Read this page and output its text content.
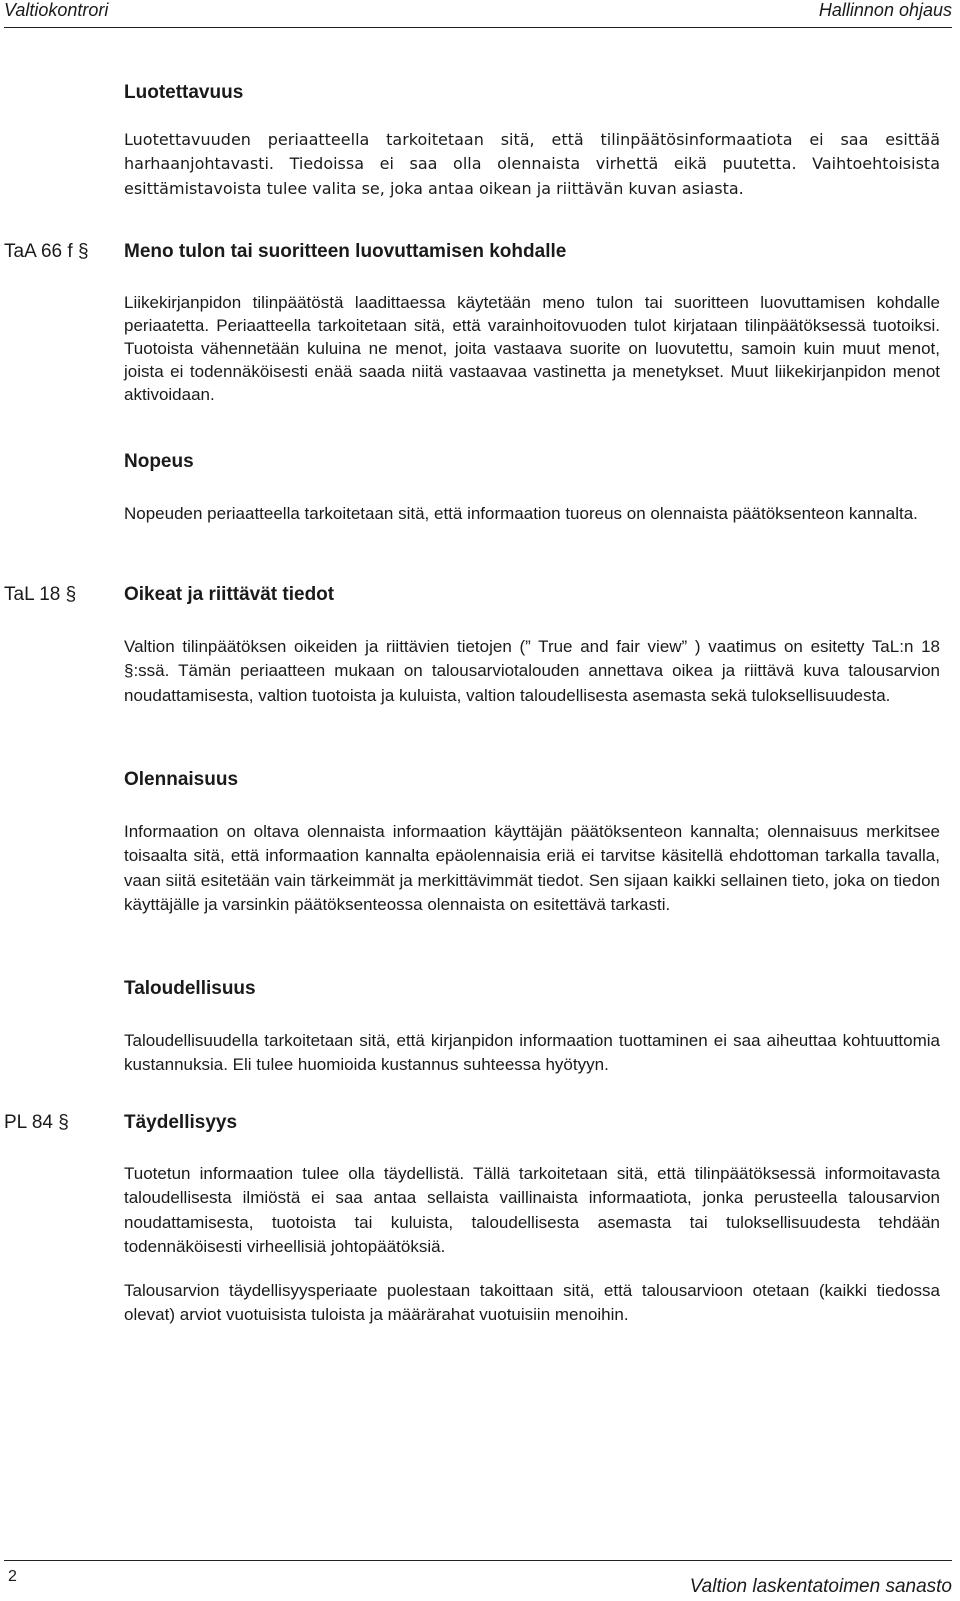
Valtiokontrori	Hallinnon ohjaus
Luotettavuus
Luotettavuuden periaatteella tarkoitetaan sitä, että tilinpäätösinformaatiota ei saa esittää harhaanjohtavasti. Tiedoissa ei saa olla olennaista virhettä eikä puutetta. Vaihtoehtoisista esittämistavoista tulee valita se, joka antaa oikean ja riittävän kuvan asiasta.
TaA 66 f § Meno tulon tai suoritteen luovuttamisen kohdalle
Liikekirjanpidon tilinpäätöstä laadittaessa käytetään meno tulon tai suoritteen luovuttamisen kohdalle periaatetta. Periaatteella tarkoitetaan sitä, että varainhoitovuoden tulot kirjataan tilinpäätöksessä tuotoiksi. Tuotoista vähennetään kuluina ne menot, joita vastaava suorite on luovutettu, samoin kuin muut menot, joista ei todennäköisesti enää saada niitä vastaavaa vastinetta ja menetykset. Muut liikekirjanpidon menot aktivoidaan.
Nopeus
Nopeuden periaatteella tarkoitetaan sitä, että informaation tuoreus on olennaista päätöksenteon kannalta.
TaL 18 §	Oikeat ja riittävät tiedot
Valtion tilinpäätöksen oikeiden ja riittävien tietojen (” True and fair view” ) vaatimus on esitetty TaL:n 18 §:ssä. Tämän periaatteen mukaan on talousarviotalouden annettava oikea ja riittävä kuva talousarvion noudattamisesta, valtion tuotoista ja kuluista, valtion taloudellisesta asemasta sekä tuloksellisuudesta.
Olennaisuus
Informaation on oltava olennaista informaation käyttäjän päätöksenteon kannalta; olennaisuus merkitsee toisaalta sitä, että informaation kannalta epäolennaisia eriä ei tarvitse käsitellä ehdottoman tarkalla tavalla, vaan siitä esitetään vain tärkeimmät ja merkittävimmät tiedot. Sen sijaan kaikki sellainen tieto, joka on tiedon käyttäjälle ja varsinkin päätöksenteossa olennaista on esitettävä tarkasti.
Taloudellisuus
Taloudellisuudella tarkoitetaan sitä, että kirjanpidon informaation tuottaminen ei saa aiheuttaa kohtuuttomia kustannuksia. Eli tulee huomioida kustannus suhteessa hyötyyn.
PL 84 §	Täydellisyys
Tuotetun informaation tulee olla täydellistä. Tällä tarkoitetaan sitä, että tilinpäätöksessä informoitavasta taloudellisesta ilmiöstä ei saa antaa sellaista vaillinaista informaatiota, jonka perusteella talousarvion noudattamisesta, tuotoista tai kuluista, taloudellisesta asemasta tai tuloksellisuudesta tehdään todennäköisesti virheellisiä johtopäätöksiä.
Talousarvion täydellisyysperiaate puolestaan takoittaan sitä, että talousarvioon otetaan (kaikki tiedossa olevat) arviot vuotuisista tuloista ja määrärahat vuotuisiin menoihin.
2	Valtion laskentatoimen sanasto
